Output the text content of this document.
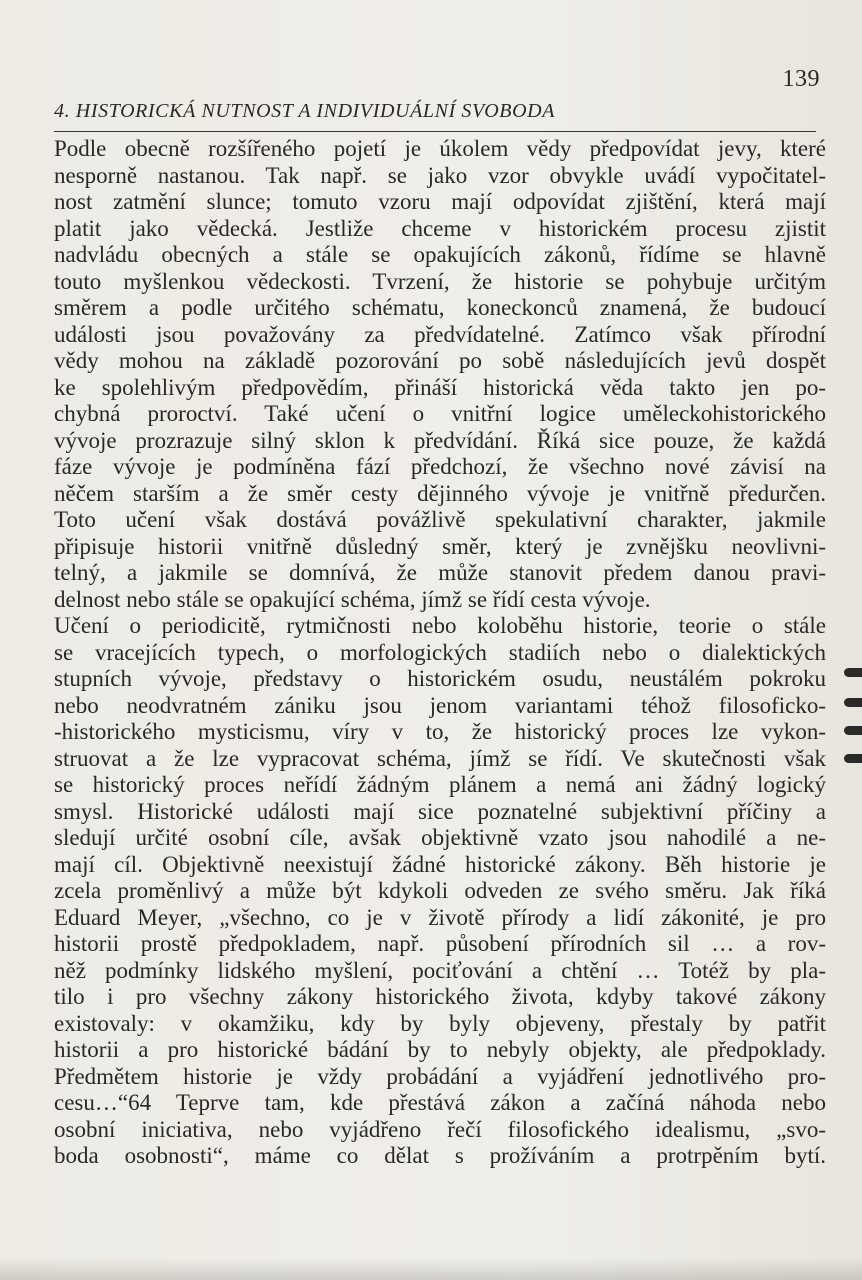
139
4. HISTORICKÁ NUTNOST A INDIVIDUÁLNÍ SVOBODA
Podle obecně rozšířeného pojetí je úkolem vědy předpovídat jevy, které
nesporně nastanou. Tak např. se jako vzor obvykle uvádí vypočitatel-
nost zatmění slunce; tomuto vzoru mají odpovídat zjištění, která mají
platit jako vědecká. Jestliže chceme v historickém procesu zjistit
nadvládu obecných a stále se opakujících zákonů, řídíme se hlavně
touto myšlenkou vědeckosti. Tvrzení, že historie se pohybuje určitým
směrem a podle určitého schématu, koneckonců znamená, že budoucí
události jsou považovány za předvídatelné. Zatímco však přírodní
vědy mohou na základě pozorování po sobě následujících jevů dospět
ke spolehlivým předpovědím, přináší historická věda takto jen po-
chybná proroctví. Také učení o vnitřní logice uměleckohistorického
vývoje prozrazuje silný sklon k předvídání. Říká sice pouze, že každá
fáze vývoje je podmíněna fází předchozí, že všechno nové závisí na
něčem starším a že směr cesty dějinného vývoje je vnitřně předurčen.
Toto učení však dostává povážlivě spekulativní charakter, jakmile
připisuje historii vnitřně důsledný směr, který je zvnějšku neovlivni-
telný, a jakmile se domnívá, že může stanovit předem danou pravi-
delnost nebo stále se opakující schéma, jímž se řídí cesta vývoje.
Učení o periodicitě, rytmičnosti nebo koloběhu historie, teorie o stále
se vracejících typech, o morfologických stadiích nebo o dialektických
stupních vývoje, představy o historickém osudu, neustálém pokroku
nebo neodvratném zániku jsou jenom variantami téhož filosoficko-
-historického mysticismu, víry v to, že historický proces lze vykon-
struovat a že lze vypracovat schéma, jímž se řídí. Ve skutečnosti však
se historický proces neřídí žádným plánem a nemá ani žádný logický
smysl. Historické události mají sice poznatelné subjektivní příčiny a
sledují určité osobní cíle, avšak objektivně vzato jsou nahodilé a ne-
mají cíl. Objektivně neexistují žádné historické zákony. Běh historie je
zcela proměnlivý a může být kdykoli odveden ze svého směru. Jak říká
Eduard Meyer, „všechno, co je v životě přírody a lidí zákonité, je pro
historii prostě předpokladem, např. působení přírodních sil … a rov-
něž podmínky lidského myšlení, pociťování a chtění … Totéž by pla-
tilo i pro všechny zákony historického života, kdyby takové zákony
existovaly: v okamžiku, kdy by byly objeveny, přestaly by patřit
historii a pro historické bádání by to nebyly objekty, ale předpoklady.
Předmětem historie je vždy probádání a vyjádření jednotlivého pro-
cesu…“64 Teprve tam, kde přestává zákon a začíná náhoda nebo
osobní iniciativa, nebo vyjádřeno řečí filosofického idealismu, „svo-
boda osobnosti“, máme co dělat s prožíváním a protrpěním bytí.
